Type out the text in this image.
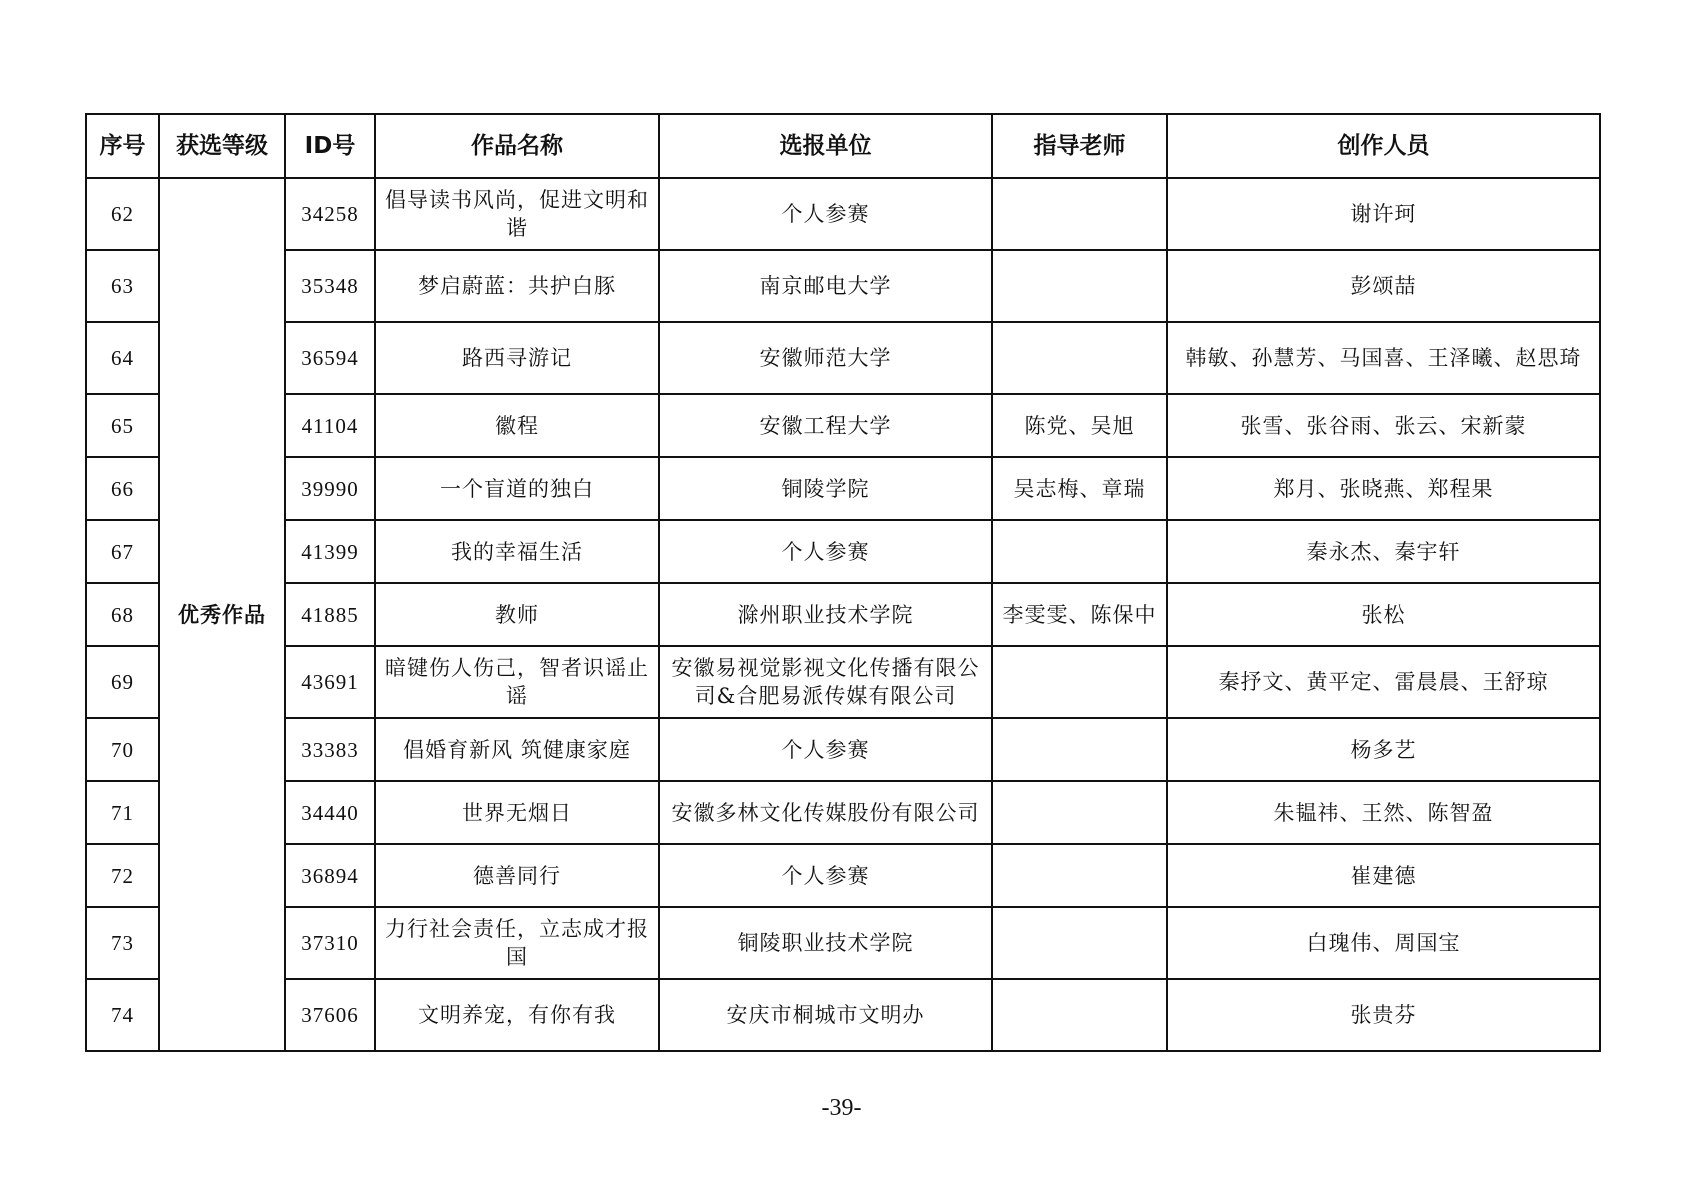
序号	获选等级	ID号	作品名称	选报单位	指导老师	创作人员
62	优秀作品	34258	倡导读书风尚，促进文明和谐	个人参赛		谢许珂
63		35348	梦启蔚蓝：共护白豚	南京邮电大学		彭颂喆
64		36594	路西寻游记	安徽师范大学		韩敏、孙慧芳、马国喜、王泽曦、赵思琦
65		41104	徽程	安徽工程大学	陈党、吴旭	张雪、张谷雨、张云、宋新蒙
66		39990	一个盲道的独白	铜陵学院	吴志梅、章瑞	郑月、张晓燕、郑程果
67		41399	我的幸福生活	个人参赛		秦永杰、秦宇轩
68		41885	教师	滁州职业技术学院	李雯雯、陈保中	张松
69		43691	暗键伤人伤己，智者识谣止谣	安徽易视觉影视文化传播有限公司&合肥易派传媒有限公司		秦抒文、黄平定、雷晨晨、王舒琼
70		33383	倡婚育新风 筑健康家庭	个人参赛		杨多艺
71		34440	世界无烟日	安徽多林文化传媒股份有限公司		朱韫祎、王然、陈智盈
72		36894	德善同行	个人参赛		崔建德
73		37310	力行社会责任，立志成才报国	铜陵职业技术学院		白瑰伟、周国宝
74		37606	文明养宠，有你有我	安庆市桐城市文明办		张贵芬
-39-
